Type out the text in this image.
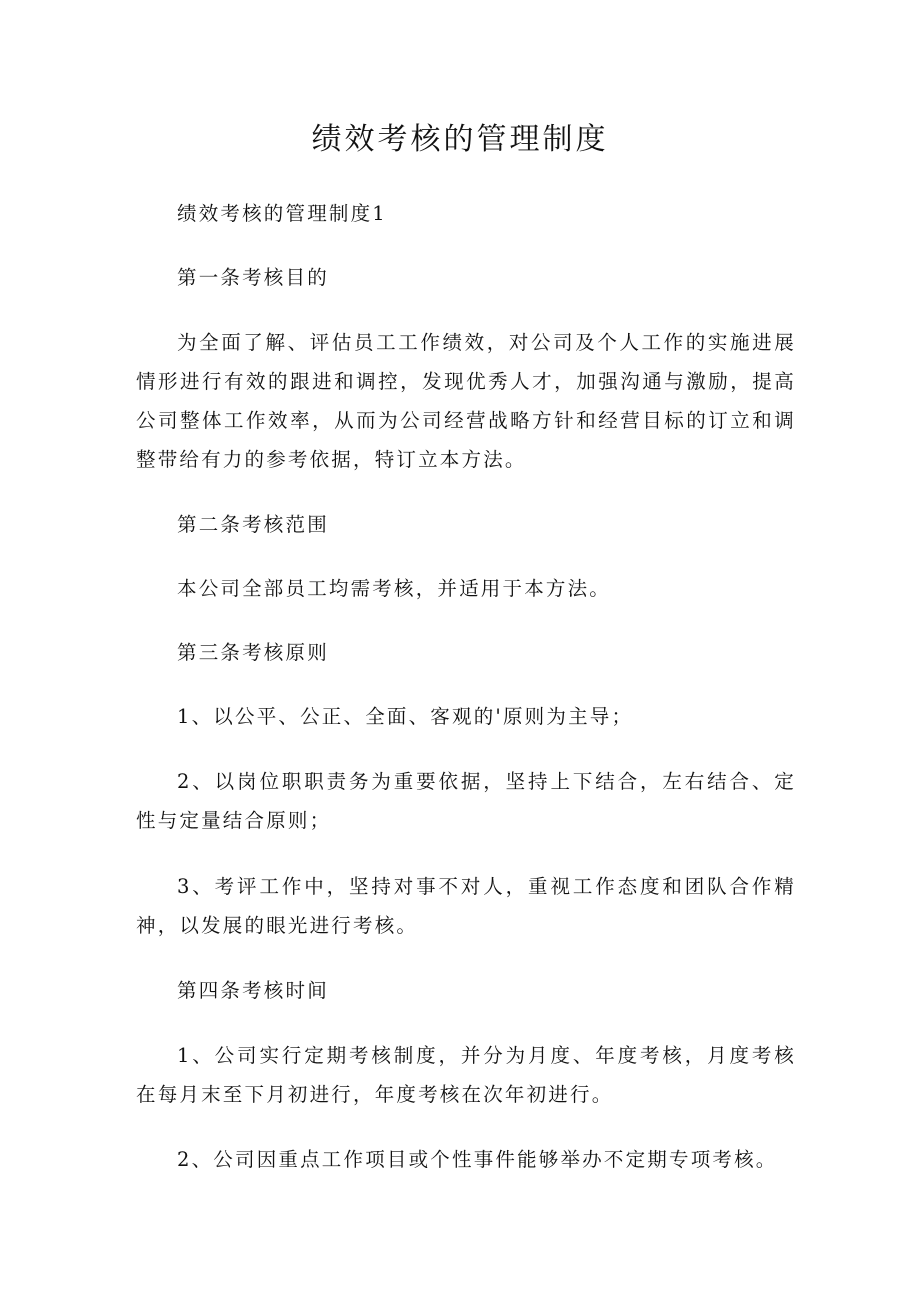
绩效考核的管理制度

绩效考核的管理制度1

第一条考核目的

为全面了解、评估员工工作绩效，对公司及个人工作的实施进展情形进行有效的跟进和调控，发现优秀人才，加强沟通与激励，提高公司整体工作效率，从而为公司经营战略方针和经营目标的订立和调整带给有力的参考依据，特订立本方法。

第二条考核范围

本公司全部员工均需考核，并适用于本方法。

第三条考核原则

1、以公平、公正、全面、客观的'原则为主导；

2、以岗位职职责务为重要依据，坚持上下结合，左右结合、定性与定量结合原则；

3、考评工作中，坚持对事不对人，重视工作态度和团队合作精神，以发展的眼光进行考核。

第四条考核时间

1、公司实行定期考核制度，并分为月度、年度考核，月度考核在每月末至下月初进行，年度考核在次年初进行。

2、公司因重点工作项目或个性事件能够举办不定期专项考核。
